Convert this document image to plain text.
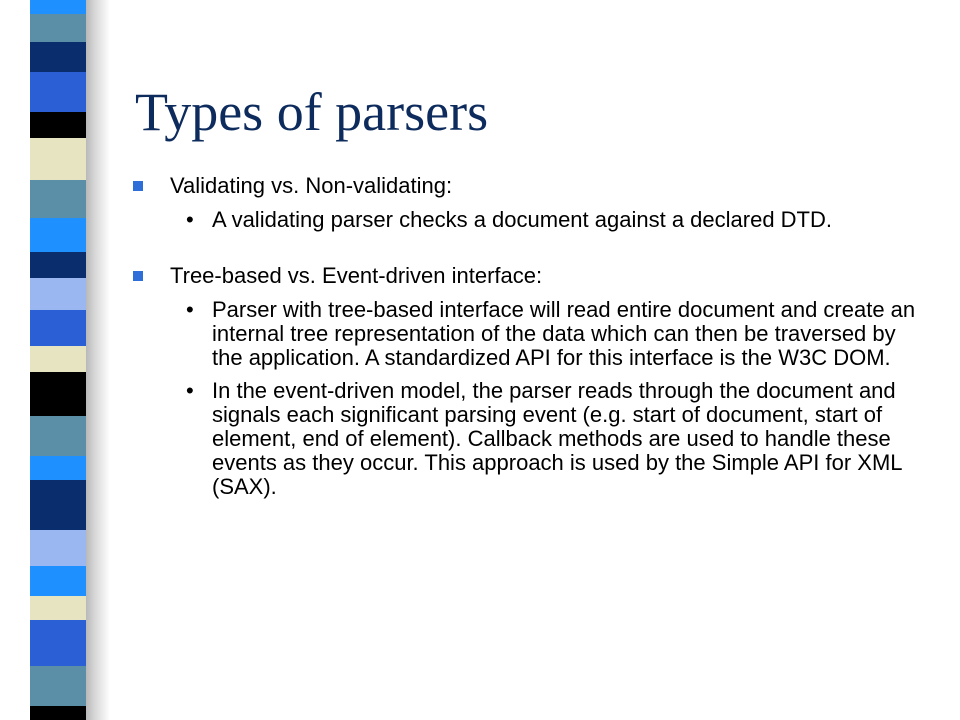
Types of parsers

Validating vs. Non-validating:

• A validating parser checks a document against a declared DTD.

Tree-based vs. Event-driven interface:

• Parser with tree-based interface will read entire document and create an internal tree representation of the data which can then be traversed by the application. A standardized API for this interface is the W3C DOM.

• In the event-driven model, the parser reads through the document and signals each significant parsing event (e.g. start of document, start of element, end of element). Callback methods are used to handle these events as they occur. This approach is used by the Simple API for XML (SAX).
